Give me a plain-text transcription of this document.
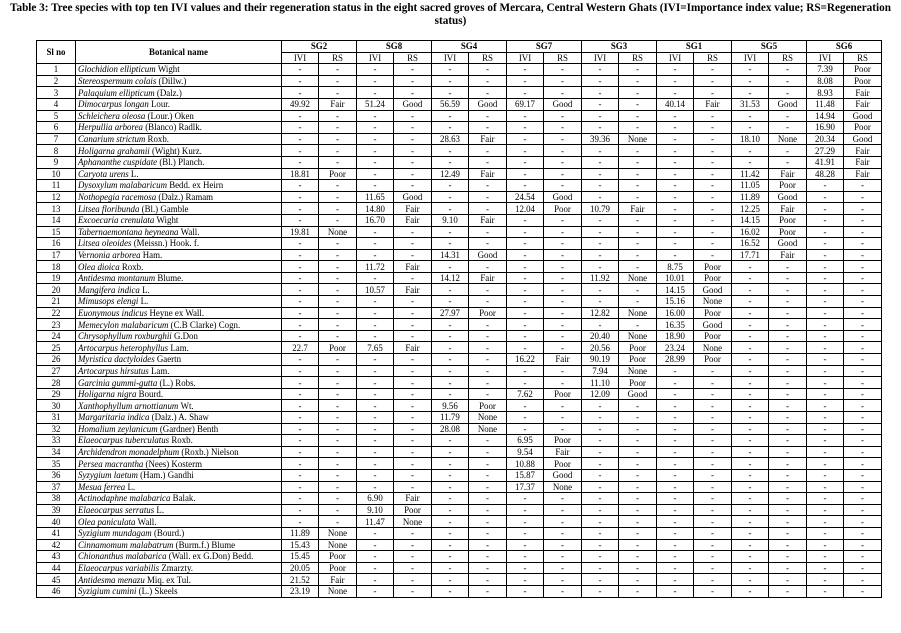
Table 3: Tree species with top ten IVI values and their regeneration status in the eight sacred groves of Mercara, Central Western Ghats (IVI=Importance index value; RS=Regeneration status)
Sl no	Botanical name	SG2		SG8		SG4		SG7		SG3		SG1		SG5		SG6	
		IVI	RS	IVI	RS	IVI	RS	IVI	RS	IVI	RS	IVI	RS	IVI	RS	IVI	RS
1	Glochidion ellipticum Wight	-	-	-	-	-	-	-	-	-	-	-	-	-	-	7.39	Poor
2	Stereospermum colais (Dillw.)	-	-	-	-	-	-	-	-	-	-	-	-	-	-	8.08	Poor
3	Palaquium ellipticum (Dalz.)	-	-	-	-	-	-	-	-	-	-	-	-	-	-	8.93	Fair
4	Dimocarpus longan Lour.	49.92	Fair	51.24	Good	56.59	Good	69.17	Good	-	-	40.14	Fair	31.53	Good	11.48	Fair
5	Schleichera oleosa (Lour.) Oken	-	-	-	-	-	-	-	-	-	-	-	-	-	-	14.94	Good
6	Herpullia arborea (Blanco) Radlk.	-	-	-	-	-	-	-	-	-	-	-	-	-	-	16.90	Poor
7	Canarium strictum Roxb.	-	-	-	-	28.63	Fair	-	-	39.36	None	-	-	18.10	None	20.34	Good
8	Holigarna grahamii (Wight) Kurz.	-	-	-	-	-	-	-	-	-	-	-	-	-	-	27.29	Fair
9	Aphananthe cuspidate (Bl.) Planch.	-	-	-	-	-	-	-	-	-	-	-	-	-	-	41.91	Fair
10	Caryota urens L.	18.81	Poor	-	-	12.49	Fair	-	-	-	-	-	-	11.42	Fair	48.28	Fair
11	Dysoxylum malabaricum Bedd. ex Heirn	-	-	-	-	-	-	-	-	-	-	-	-	11.05	Poor	-	-
12	Nothopegia racemosa (Dalz.) Ramam	-	-	11.65	Good	-	-	24.54	Good	-	-	-	-	11.89	Good	-	-
13	Litsea floribunda (Bl.) Gamble	-	-	14.80	Fair	-	-	12.04	Poor	10.79	Fair	-	-	12.25	Fair	-	-
14	Excoecaria crenulata Wight	-	-	16.70	Fair	9.10	Fair	-	-	-	-	-	-	14.15	Poor	-	-
15	Tabernaemontana heyneana Wall.	19.81	None	-	-	-	-	-	-	-	-	-	-	16.02	Poor	-	-
16	Litsea oleoides (Meissn.) Hook. f.	-	-	-	-	-	-	-	-	-	-	-	-	16.52	Good	-	-
17	Vernonia arborea Ham.	-	-	-	-	14.31	Good	-	-	-	-	-	-	17.71	Fair	-	-
18	Olea dioica Roxb.	-	-	11.72	Fair	-	-	-	-	-	-	8.75	Poor	-	-	-	-
19	Antidesma montanum Blume.	-	-	-	-	14.12	Fair	-	-	11.92	None	10.01	Poor	-	-	-	-
20	Mangifera indica L.	-	-	10.57	Fair	-	-	-	-	-	-	14.15	Good	-	-	-	-
21	Mimusops elengi L.	-	-	-	-	-	-	-	-	-	-	15.16	None	-	-	-	-
22	Euonymous indicus Heyne ex Wall.	-	-	-	-	27.97	Poor	-	-	12.82	None	16.00	Poor	-	-	-	-
23	Memecylon malabaricum (C.B Clarke) Cogn.	-	-	-	-	-	-	-	-	-	-	16.35	Good	-	-	-	-
24	Chrysophyllum roxburghii G.Don	-	-	-	-	-	-	-	-	20.40	None	18.90	Poor	-	-	-	-
25	Artocarpus heterophyllus Lam.	22.7	Poor	7.65	Fair	-	-	-	-	20.56	Poor	23.24	None	-	-	-	-
26	Myristica dactyloides Gaertn	-	-	-	-	-	-	16.22	Fair	90.19	Poor	28.99	Poor	-	-	-	-
27	Artocarpus hirsutus Lam.	-	-	-	-	-	-	-	-	7.94	None	-	-	-	-	-	-
28	Garcinia gummi-gutta (L.) Robs.	-	-	-	-	-	-	-	-	11.10	Poor	-	-	-	-	-	-
29	Holigarna nigra Bourd.	-	-	-	-	-	-	7.62	Poor	12.09	Good	-	-	-	-	-	-
30	Xanthophyllum arnottianum Wt.	-	-	-	-	9.56	Poor	-	-	-	-	-	-	-	-	-	-
31	Margaritaria indica (Dalz.) A. Shaw	-	-	-	-	11.79	None	-	-	-	-	-	-	-	-	-	-
32	Homalium zeylanicum (Gardner) Benth	-	-	-	-	28.08	None	-	-	-	-	-	-	-	-	-	-
33	Elaeocarpus tuberculatus Roxb.	-	-	-	-	-	-	6.95	Poor	-	-	-	-	-	-	-	-
34	Archidendron monadelphum (Roxb.) Nielson	-	-	-	-	-	-	9.54	Fair	-	-	-	-	-	-	-	-
35	Persea macrantha (Nees) Kosterm	-	-	-	-	-	-	10.88	Poor	-	-	-	-	-	-	-	-
36	Syzygium laetum (Ham.) Gandhi	-	-	-	-	-	-	15.87	Good	-	-	-	-	-	-	-	-
37	Mesua ferrea L.	-	-	-	-	-	-	17.37	None	-	-	-	-	-	-	-	-
38	Actinodaphne malabarica Balak.	-	-	6.90	Fair	-	-	-	-	-	-	-	-	-	-	-	-
39	Elaeocarpus serratus L.	-	-	9.10	Poor	-	-	-	-	-	-	-	-	-	-	-	-
40	Olea paniculata Wall.	-	-	11.47	None	-	-	-	-	-	-	-	-	-	-	-	-
41	Syzigium mundagam (Bourd.)	11.89	None	-	-	-	-	-	-	-	-	-	-	-	-	-	-
42	Cinnamomum malabatrum (Burm.f.) Blume	15.43	None	-	-	-	-	-	-	-	-	-	-	-	-	-	-
43	Chionanthus malabarica (Wall. ex G.Don) Bedd.	15.45	Poor	-	-	-	-	-	-	-	-	-	-	-	-	-	-
44	Elaeocarpus variabilis Zmarzty.	20.05	Poor	-	-	-	-	-	-	-	-	-	-	-	-	-	-
45	Antidesma menazu Miq. ex Tul.	21.52	Fair	-	-	-	-	-	-	-	-	-	-	-	-	-	-
46	Syzigium cumini (L.) Skeels	23.19	None	-	-	-	-	-	-	-	-	-	-	-	-	-	-
